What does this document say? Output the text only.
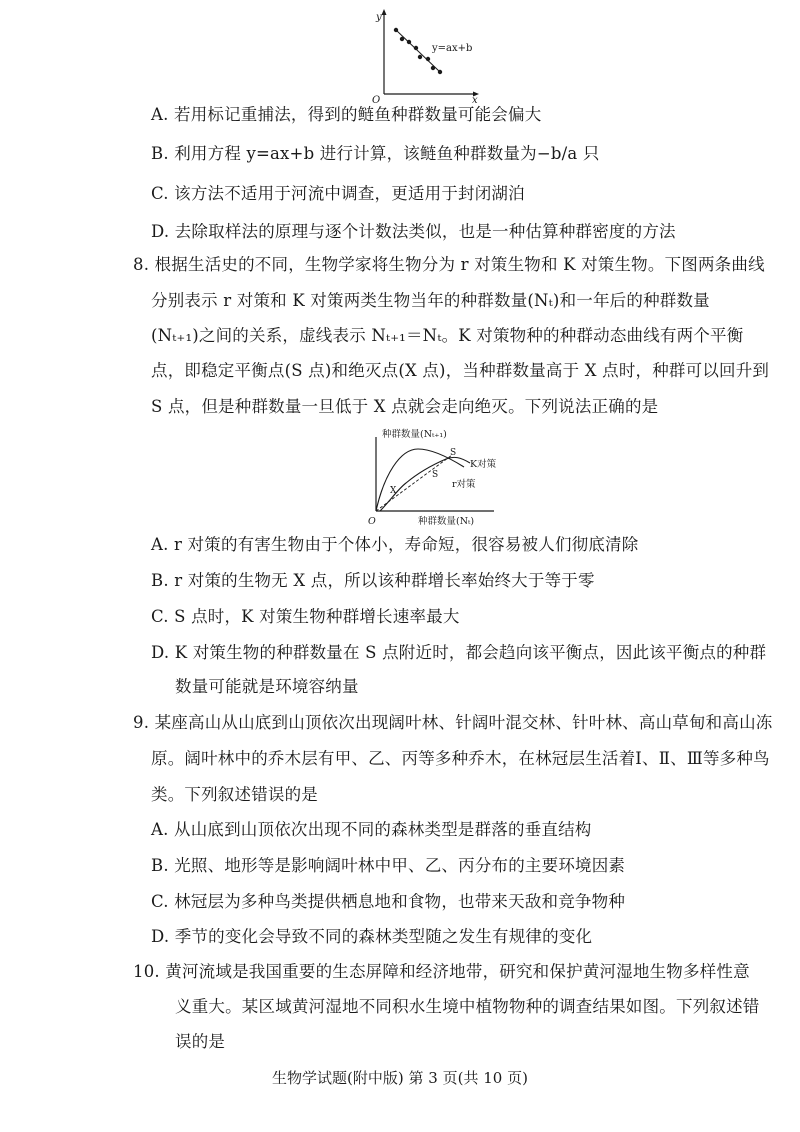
y
x
O
y=ax+b
A. 若用标记重捕法，得到的鲢鱼种群数量可能会偏大
B. 利用方程 y=ax+b 进行计算，该鲢鱼种群数量为−b/a 只
C. 该方法不适用于河流中调查，更适用于封闭湖泊
D. 去除取样法的原理与逐个计数法类似，也是一种估算种群密度的方法
8. 根据生活史的不同，生物学家将生物分为 r 对策生物和 K 对策生物。下图两条曲线
分别表示 r 对策和 K 对策两类生物当年的种群数量(Nₜ)和一年后的种群数量
(Nₜ₊₁)之间的关系，虚线表示 Nₜ₊₁＝Nₜ。K 对策物种的种群动态曲线有两个平衡
点，即稳定平衡点(S 点)和绝灭点(X 点)，当种群数量高于 X 点时，种群可以回升到
S 点，但是种群数量一旦低于 X 点就会走向绝灭。下列说法正确的是
种群数量(Nₜ₊₁)
种群数量(Nₜ)
O
X
S
S
K对策
r对策
A. r 对策的有害生物由于个体小，寿命短，很容易被人们彻底清除
B. r 对策的生物无 X 点，所以该种群增长率始终大于等于零
C. S 点时，K 对策生物种群增长速率最大
D. K 对策生物的种群数量在 S 点附近时，都会趋向该平衡点，因此该平衡点的种群
数量可能就是环境容纳量
9. 某座高山从山底到山顶依次出现阔叶林、针阔叶混交林、针叶林、高山草甸和高山冻
原。阔叶林中的乔木层有甲、乙、丙等多种乔木，在林冠层生活着Ⅰ、Ⅱ、Ⅲ等多种鸟
类。下列叙述错误的是
A. 从山底到山顶依次出现不同的森林类型是群落的垂直结构
B. 光照、地形等是影响阔叶林中甲、乙、丙分布的主要环境因素
C. 林冠层为多种鸟类提供栖息地和食物，也带来天敌和竞争物种
D. 季节的变化会导致不同的森林类型随之发生有规律的变化
10. 黄河流域是我国重要的生态屏障和经济地带，研究和保护黄河湿地生物多样性意
义重大。某区域黄河湿地不同积水生境中植物物种的调查结果如图。下列叙述错
误的是
生物学试题(附中版) 第 3 页(共 10 页)
